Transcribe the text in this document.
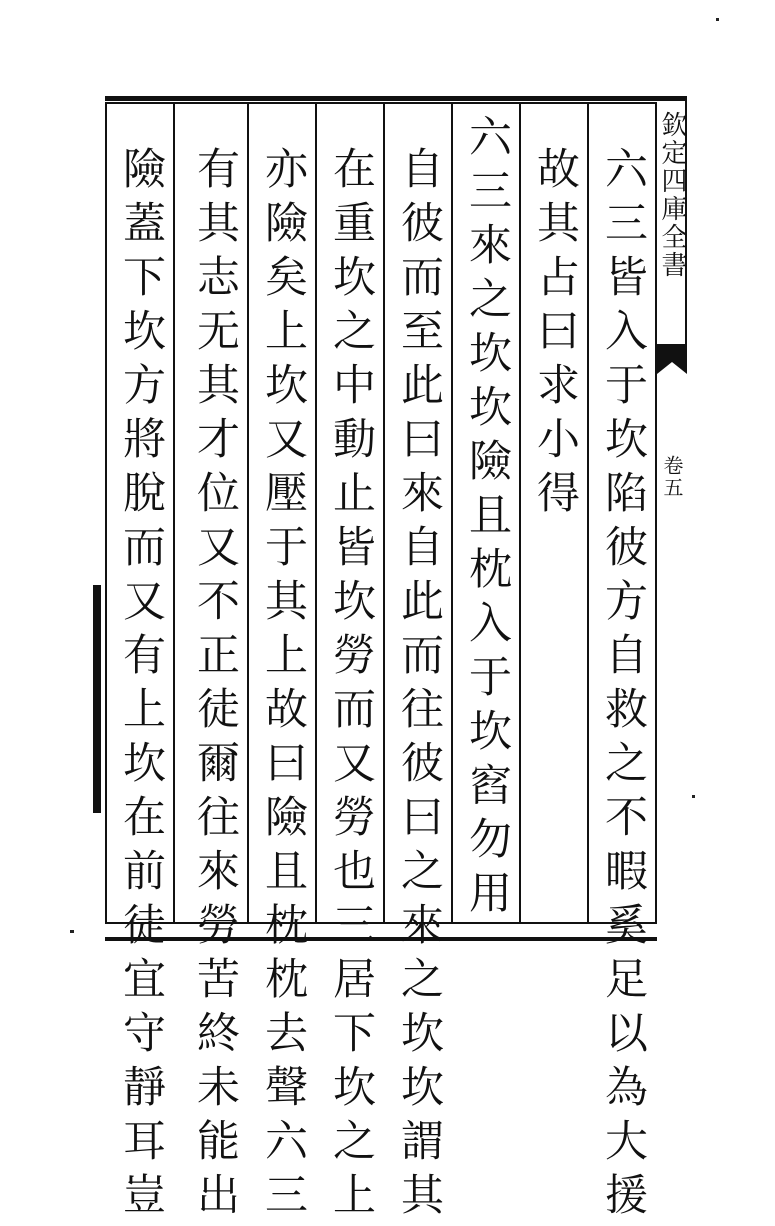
六三皆入于坎陷彼方自救之不暇奚足以為大援
故其占曰求小得
六三來之坎坎險且枕入于坎窞勿用
自彼而至此曰來自此而往彼曰之來之坎坎謂其
在重坎之中動止皆坎勞而又勞也三居下坎之上
亦險矣上坎又壓于其上故曰險且枕枕去聲六三
有其志无其才位又不正徒爾往來勞苦終未能出
險蓋下坎方將脫而又有上坎在前徒宜守靜耳豈	欽定四庫全書
卷五
